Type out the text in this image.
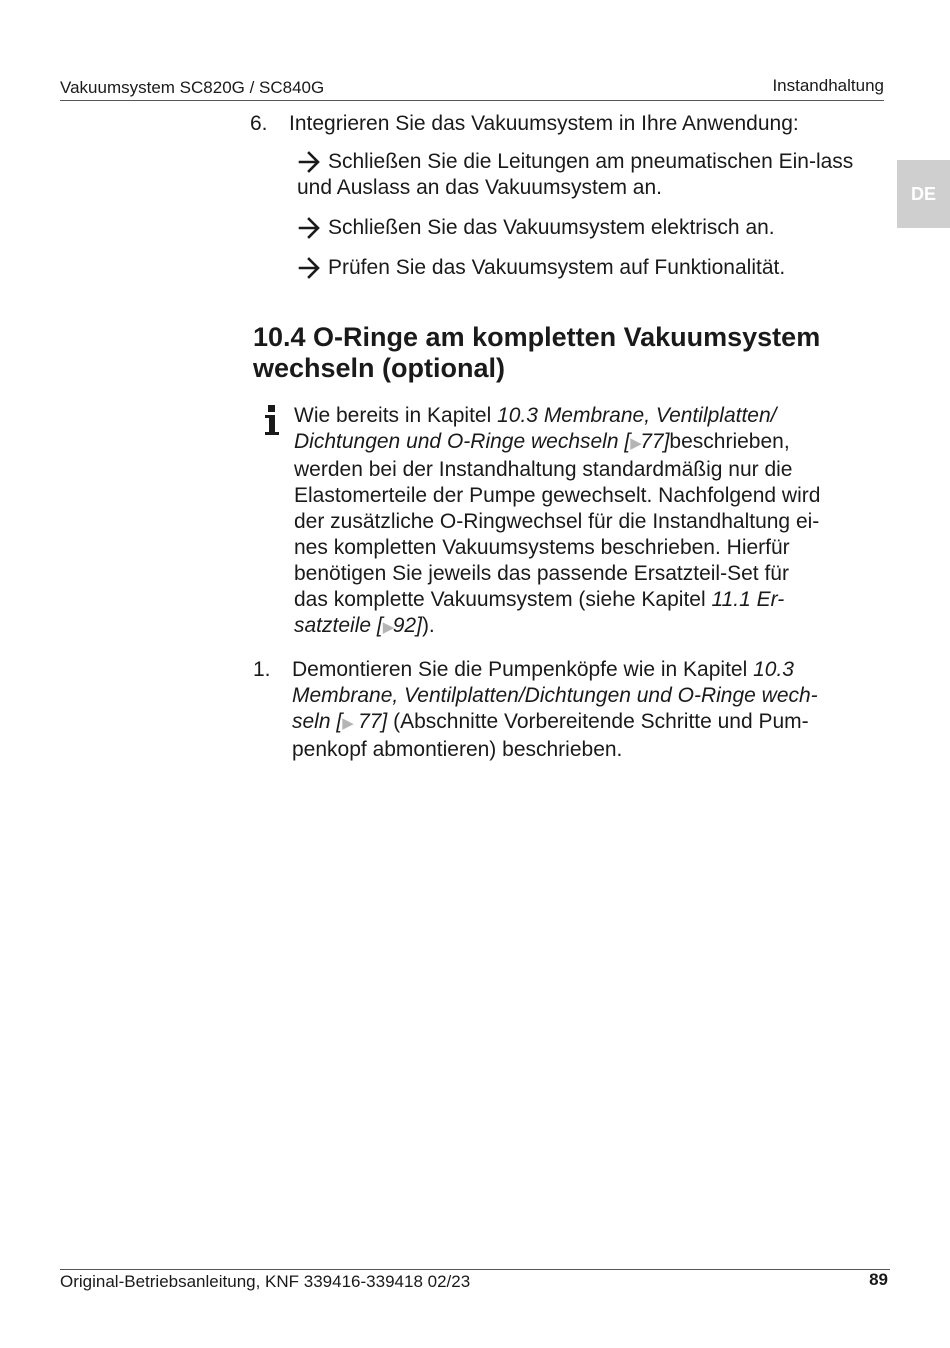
Vakuumsystem SC820G / SC840G	Instandhaltung
DE
6. Integrieren Sie das Vakuumsystem in Ihre Anwendung:
Schließen Sie die Leitungen am pneumatischen Ein-lass und Auslass an das Vakuumsystem an.
Schließen Sie das Vakuumsystem elektrisch an.
Prüfen Sie das Vakuumsystem auf Funktionalität.
10.4 O-Ringe am kompletten Vakuumsystem
wechseln (optional)
Wie bereits in Kapitel 10.3 Membrane, Ventilplatten/
Dichtungen und O-Ringe wechseln [▶77]beschrieben,
werden bei der Instandhaltung standardmäßig nur die
Elastomerteile der Pumpe gewechselt. Nachfolgend wird
der zusätzliche O-Ringwechsel für die Instandhaltung ei-
nes kompletten Vakuumsystems beschrieben. Hierfür
benötigen Sie jeweils das passende Ersatzteil-Set für
das komplette Vakuumsystem (siehe Kapitel 11.1 Er-
satzteile [▶92]).
1. Demontieren Sie die Pumpenköpfe wie in Kapitel 10.3
Membrane, Ventilplatten/Dichtungen und O-Ringe wech-
seln [▶ 77] (Abschnitte Vorbereitende Schritte und Pum-
penkopf abmontieren) beschrieben.
Original-Betriebsanleitung, KNF 339416-339418 02/23	89
